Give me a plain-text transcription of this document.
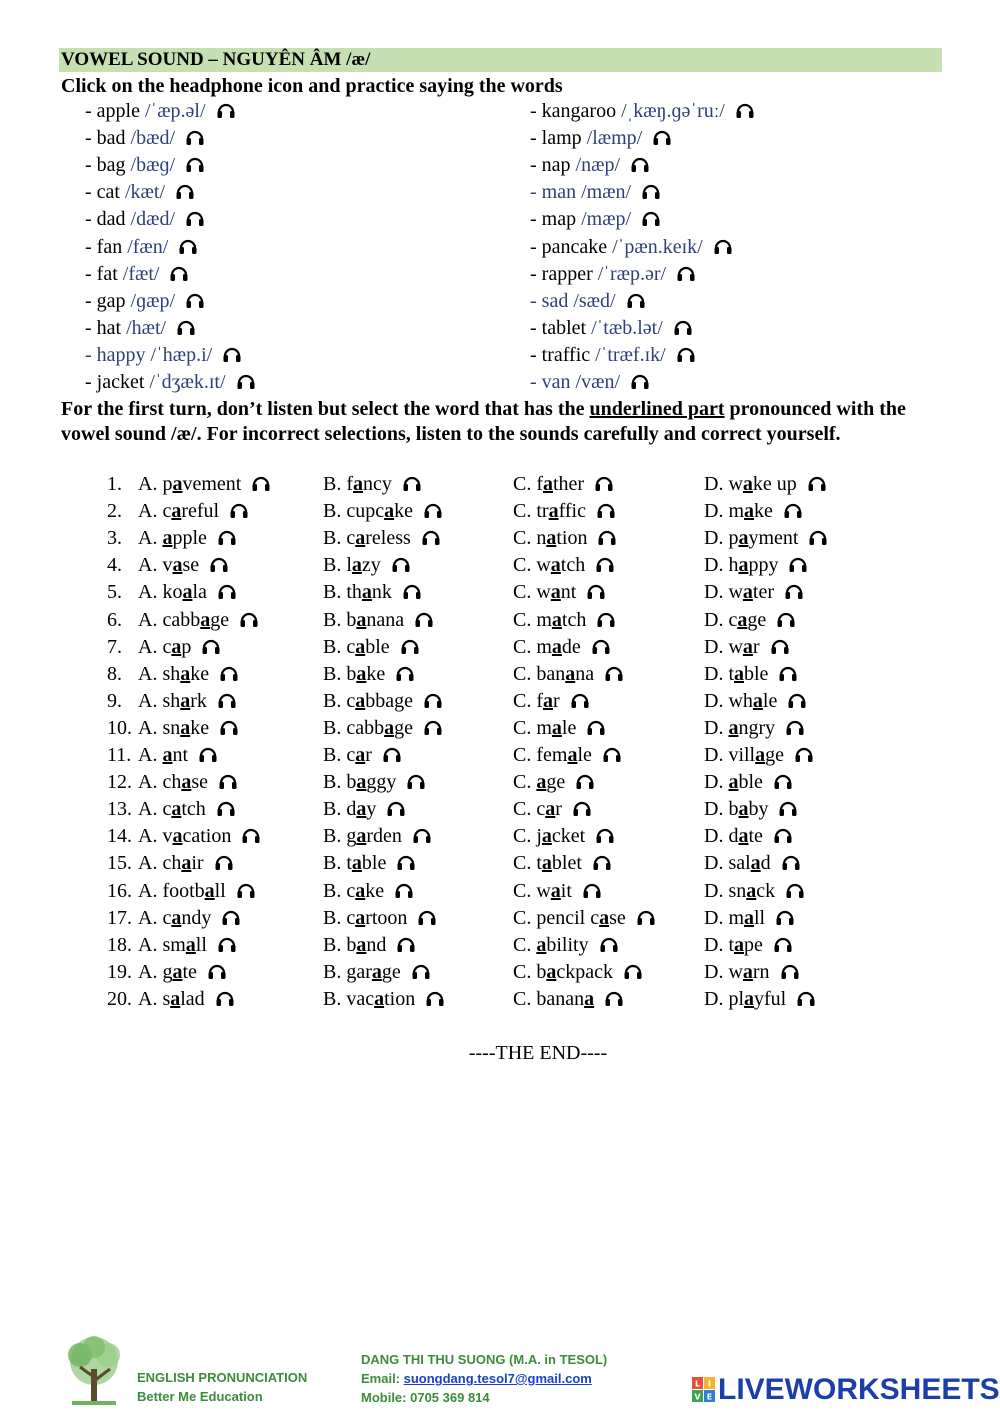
VOWEL SOUND – NGUYÊN ÂM /æ/
Click on the headphone icon and practice saying the words
- apple /ˈæp.əl/
- bad /bæd/
- bag /bæɡ/
- cat /kæt/
- dad /dæd/
- fan /fæn/
- fat /fæt/
- gap /ɡæp/
- hat /hæt/
- happy /ˈhæp.i/
- jacket /ˈdʒæk.ɪt/
- kangaroo /ˌkæŋ.ɡəˈruː/
- lamp /læmp/
- nap /næp/
- man /mæn/
- map /mæp/
- pancake /ˈpæn.keɪk/
- rapper /ˈræp.ər/
- sad /sæd/
- tablet /ˈtæb.lət/
- traffic /ˈtræf.ɪk/
- van /væn/
For the first turn, don’t listen but select the word that has the underlined part pronounced with the vowel sound /æ/. For incorrect selections, listen to the sounds carefully and correct yourself.
1. A. pavement	B. fancy	C. father	D. wake up
2. A. careful	B. cupcake	C. traffic	D. make
3. A. apple	B. careless	C. nation	D. payment
4. A. vase	B. lazy	C. watch	D. happy
5. A. koala	B. thank	C. want	D. water
6. A. cabbage	B. banana	C. match	D. cage
7. A. cap	B. cable	C. made	D. war
8. A. shake	B. bake	C. banana	D. table
9. A. shark	B. cabbage	C. far	D. whale
10. A. snake	B. cabbage	C. male	D. angry
11. A. ant	B. car	C. female	D. village
12. A. chase	B. baggy	C. age	D. able
13. A. catch	B. day	C. car	D. baby
14. A. vacation	B. garden	C. jacket	D. date
15. A. chair	B. table	C. tablet	D. salad
16. A. football	B. cake	C. wait	D. snack
17. A. candy	B. cartoon	C. pencil case	D. mall
18. A. small	B. band	C. ability	D. tape
19. A. gate	B. garage	C. backpack	D. warn
20. A. salad	B. vacation	C. banana	D. playful
----THE END----
ENGLISH PRONUNCIATION
Better Me Education
DANG THI THU SUONG (M.A. in TESOL)
Email: suongdang.tesol7@gmail.com
Mobile: 0705 369 814
L I
V E LIVEWORKSHEETS
